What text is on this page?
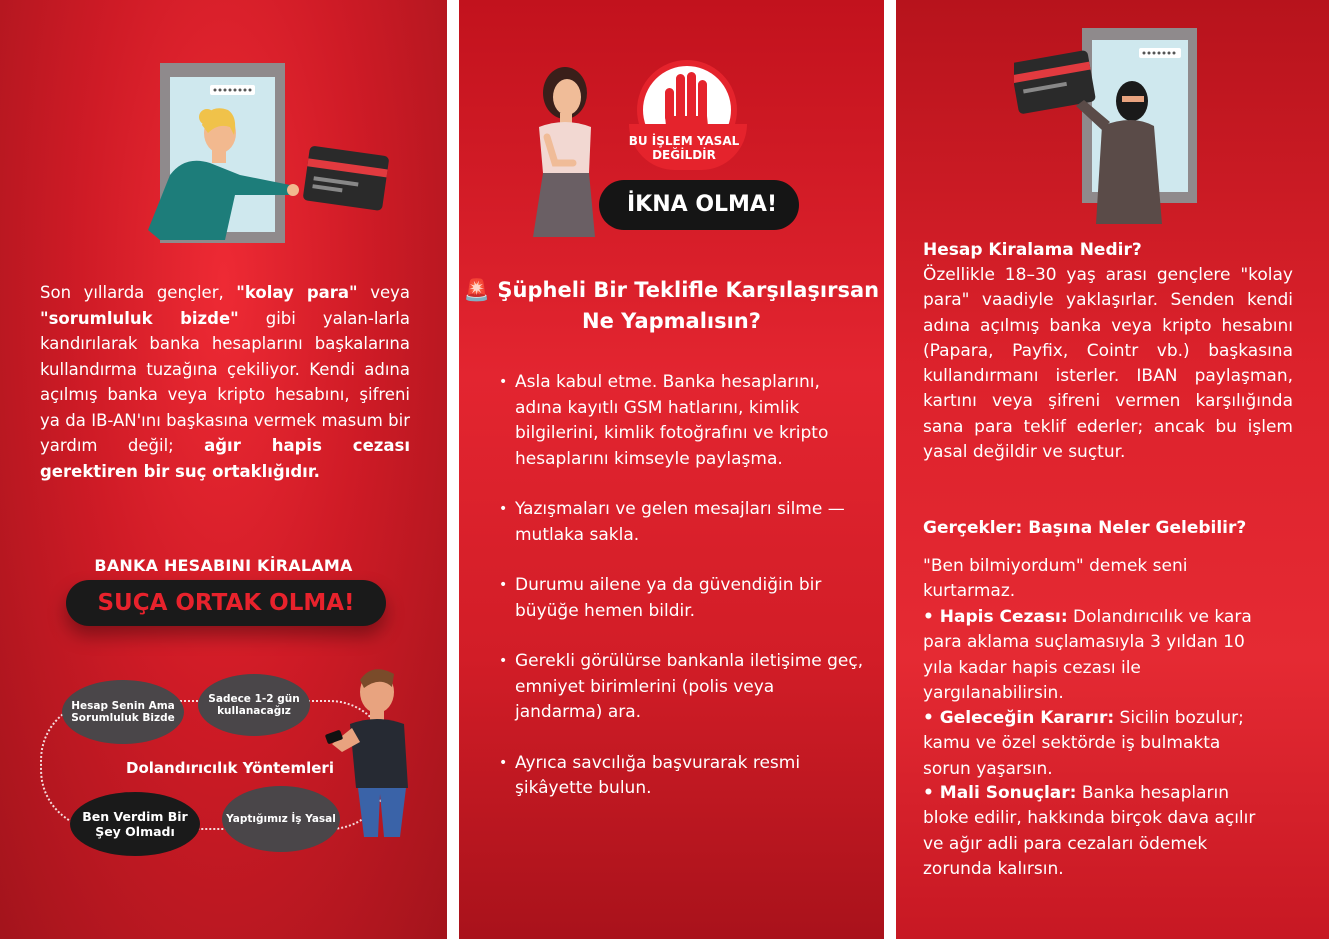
Son yıllarda gençler, "kolay para" veya "sorumluluk bizde" gibi yalan-larla kandırılarak banka hesaplarını başkalarına kullandırma tuzağına çekiliyor. Kendi adına açılmış banka veya kripto hesabını, şifreni ya da IB-AN'ını başkasına vermek masum bir yardım değil; ağır hapis cezası gerektiren bir suç ortaklığıdır.

BANKA HESABINI KİRALAMA
SUÇA ORTAK OLMA!
Hesap Senin Ama Sorumluluk Bizde
Sadece 1-2 gün kullanacağız
Ben Verdim Bir Şey Olmadı
Yaptığımız İş Yasal
Dolandırıcılık Yöntemleri
BU İŞLEM YASAL DEĞİLDİR
İKNA OLMA!
🚨 Şüpheli Bir Teklifle Karşılaşırsan Ne Yapmalısın?
• Asla kabul etme. Banka hesaplarını, adına kayıtlı GSM hatlarını, kimlik bilgilerini, kimlik fotoğrafını ve kripto hesaplarını kimseyle paylaşma.
• Yazışmaları ve gelen mesajları silme — mutlaka sakla.
• Durumu ailene ya da güvendiğin bir büyüğe hemen bildir.
• Gerekli görülürse bankanla iletişime geç, emniyet birimlerini (polis veya jandarma) ara.
• Ayrıca savcılığa başvurarak resmi şikâyette bulun.
Hesap Kiralama Nedir?

Özellikle 18–30 yaş arası gençlere "kolay para" vaadiyle yaklaşırlar. Senden kendi adına açılmış banka veya kripto hesabını (Papara, Payfix, Cointr vb.) başkasına kullandırmanı isterler. IBAN paylaşman, kartını veya şifreni vermen karşılığında sana para teklif ederler; ancak bu işlem yasal değildir ve suçtur.

Gerçekler: Başına Neler Gelebilir?
"Ben bilmiyordum" demek seni kurtarmaz.

• Hapis Cezası: Dolandırıcılık ve kara para aklama suçlamasıyla 3 yıldan 10 yıla kadar hapis cezası ile yargılanabilirsin.

• Geleceğin Kararır: Sicilin bozulur; kamu ve özel sektörde iş bulmakta sorun yaşarsın.

• Mali Sonuçlar: Banka hesapların bloke edilir, hakkında birçok dava açılır ve ağır adli para cezaları ödemek zorunda kalırsın.
